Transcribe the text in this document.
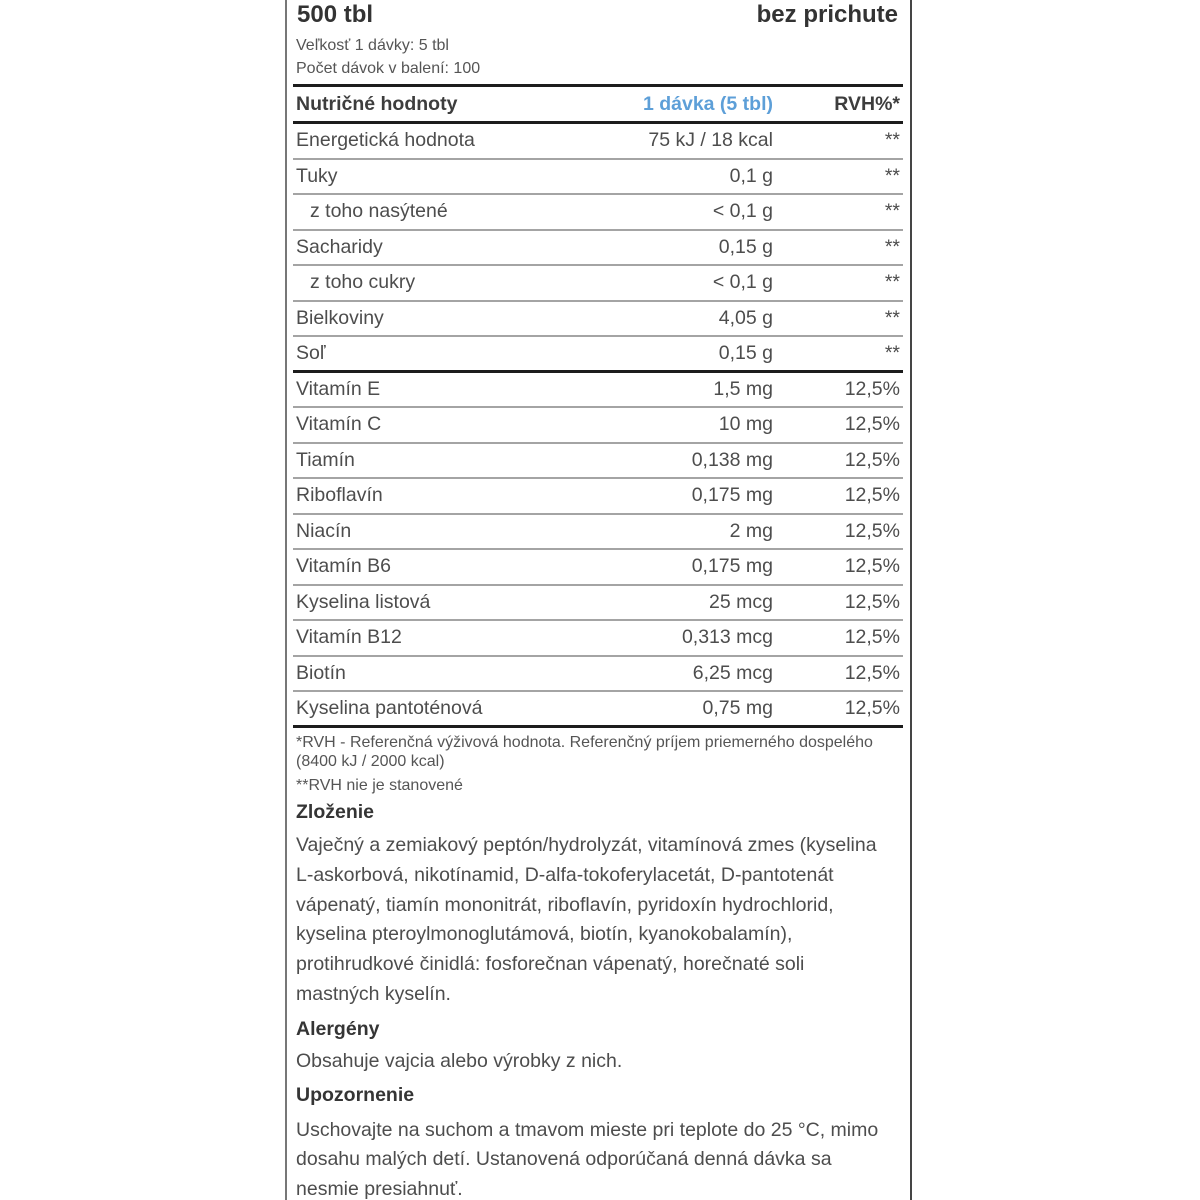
500 tbl	bez prichute
Veľkosť 1 dávky: 5 tbl
Počet dávok v balení: 100
Nutričné hodnoty	1 dávka (5 tbl)	RVH%*
Energetická hodnota	75 kJ / 18 kcal	**
Tuky	0,1 g	**
z toho nasýtené	< 0,1 g	**
Sacharidy	0,15 g	**
z toho cukry	< 0,1 g	**
Bielkoviny	4,05 g	**
Soľ	0,15 g	**
Vitamín E	1,5 mg	12,5%
Vitamín C	10 mg	12,5%
Tiamín	0,138 mg	12,5%
Riboflavín	0,175 mg	12,5%
Niacín	2 mg	12,5%
Vitamín B6	0,175 mg	12,5%
Kyselina listová	25 mcg	12,5%
Vitamín B12	0,313 mcg	12,5%
Biotín	6,25 mcg	12,5%
Kyselina pantoténová	0,75 mg	12,5%
*RVH - Referenčná výživová hodnota. Referenčný príjem priemerného dospelého
(8400 kJ / 2000 kcal)
**RVH nie je stanovené
Zloženie
Vaječný a zemiakový peptón/hydrolyzát, vitamínová zmes (kyselina
L-askorbová, nikotínamid, D-alfa-tokoferylacetát, D-pantotenát
vápenatý, tiamín mononitrát, riboflavín, pyridoxín hydrochlorid,
kyselina pteroylmonoglutámová, biotín, kyanokobalamín),
protihrudkové činidlá: fosforečnan vápenatý, horečnaté soli
mastných kyselín.
Alergény
Obsahuje vajcia alebo výrobky z nich.
Upozornenie
Uschovajte na suchom a tmavom mieste pri teplote do 25 °C, mimo
dosahu malých detí. Ustanovená odporúčaná denná dávka sa
nesmie presiahnuť.
